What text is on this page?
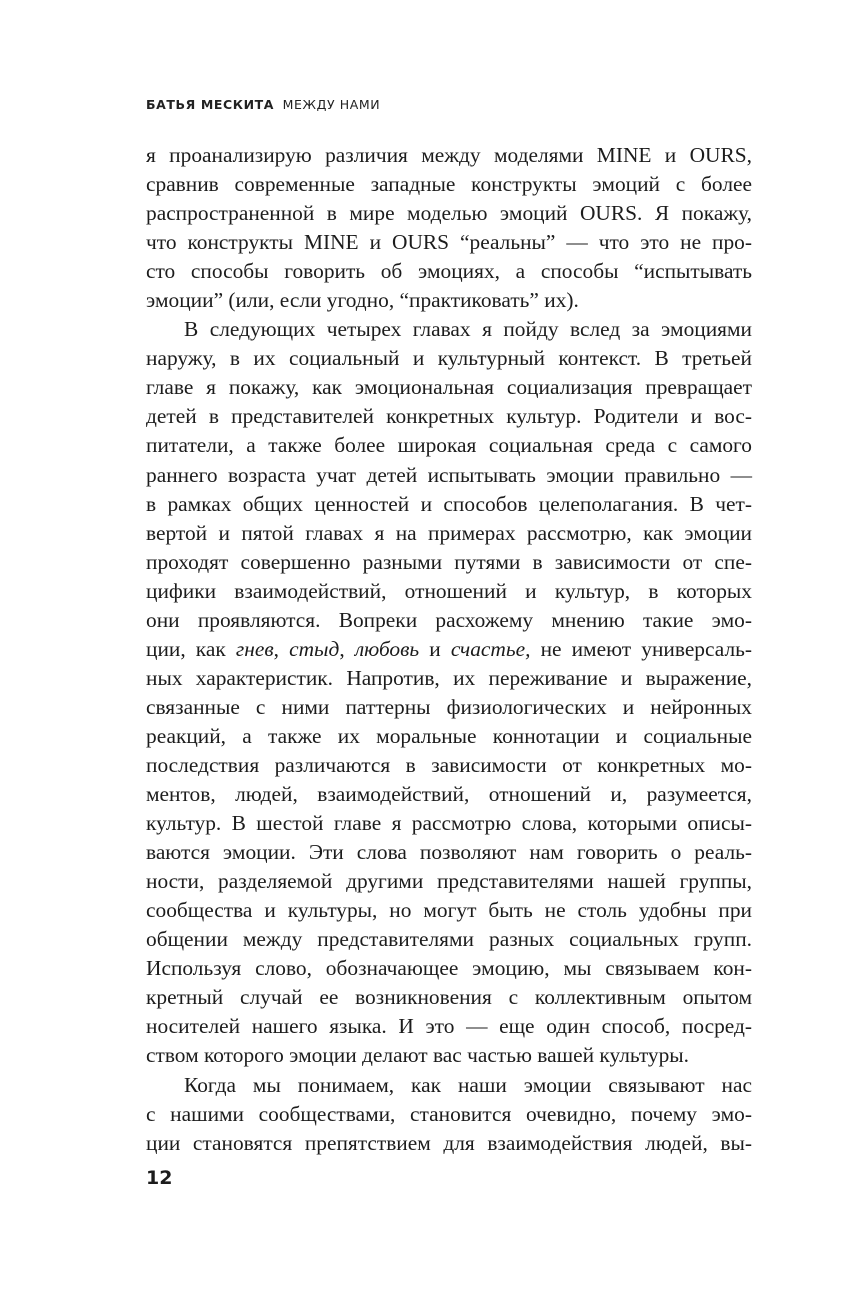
БАТЬЯ МЕСКИТА МЕЖДУ НАМИ
я проанализирую различия между моделями MINE и OURS,
сравнив современные западные конструкты эмоций с более
распространенной в мире моделью эмоций OURS. Я покажу,
что конструкты MINE и OURS “реальны” — что это не про-
сто способы говорить об эмоциях, а способы “испытывать
эмоции” (или, если угодно, “практиковать” их).
В следующих четырех главах я пойду вслед за эмоциями
наружу, в их социальный и культурный контекст. В третьей
главе я покажу, как эмоциональная социализация превращает
детей в представителей конкретных культур. Родители и вос-
питатели, а также более широкая социальная среда с самого
раннего возраста учат детей испытывать эмоции правильно —
в рамках общих ценностей и способов целеполагания. В чет-
вертой и пятой главах я на примерах рассмотрю, как эмоции
проходят совершенно разными путями в зависимости от спе-
цифики взаимодействий, отношений и культур, в которых
они проявляются. Вопреки расхожему мнению такие эмо-
ции, как гнев, стыд, любовь и счастье, не имеют универсаль-
ных характеристик. Напротив, их переживание и выражение,
связанные с ними паттерны физиологических и нейронных
реакций, а также их моральные коннотации и социальные
последствия различаются в зависимости от конкретных мо-
ментов, людей, взаимодействий, отношений и, разумеется,
культур. В шестой главе я рассмотрю слова, которыми описы-
ваются эмоции. Эти слова позволяют нам говорить о реаль-
ности, разделяемой другими представителями нашей группы,
сообщества и культуры, но могут быть не столь удобны при
общении между представителями разных социальных групп.
Используя слово, обозначающее эмоцию, мы связываем кон-
кретный случай ее возникновения с коллективным опытом
носителей нашего языка. И это — еще один способ, посред-
ством которого эмоции делают вас частью вашей культуры.
Когда мы понимаем, как наши эмоции связывают нас
с нашими сообществами, становится очевидно, почему эмо-
ции становятся препятствием для взаимодействия людей, вы-
12
